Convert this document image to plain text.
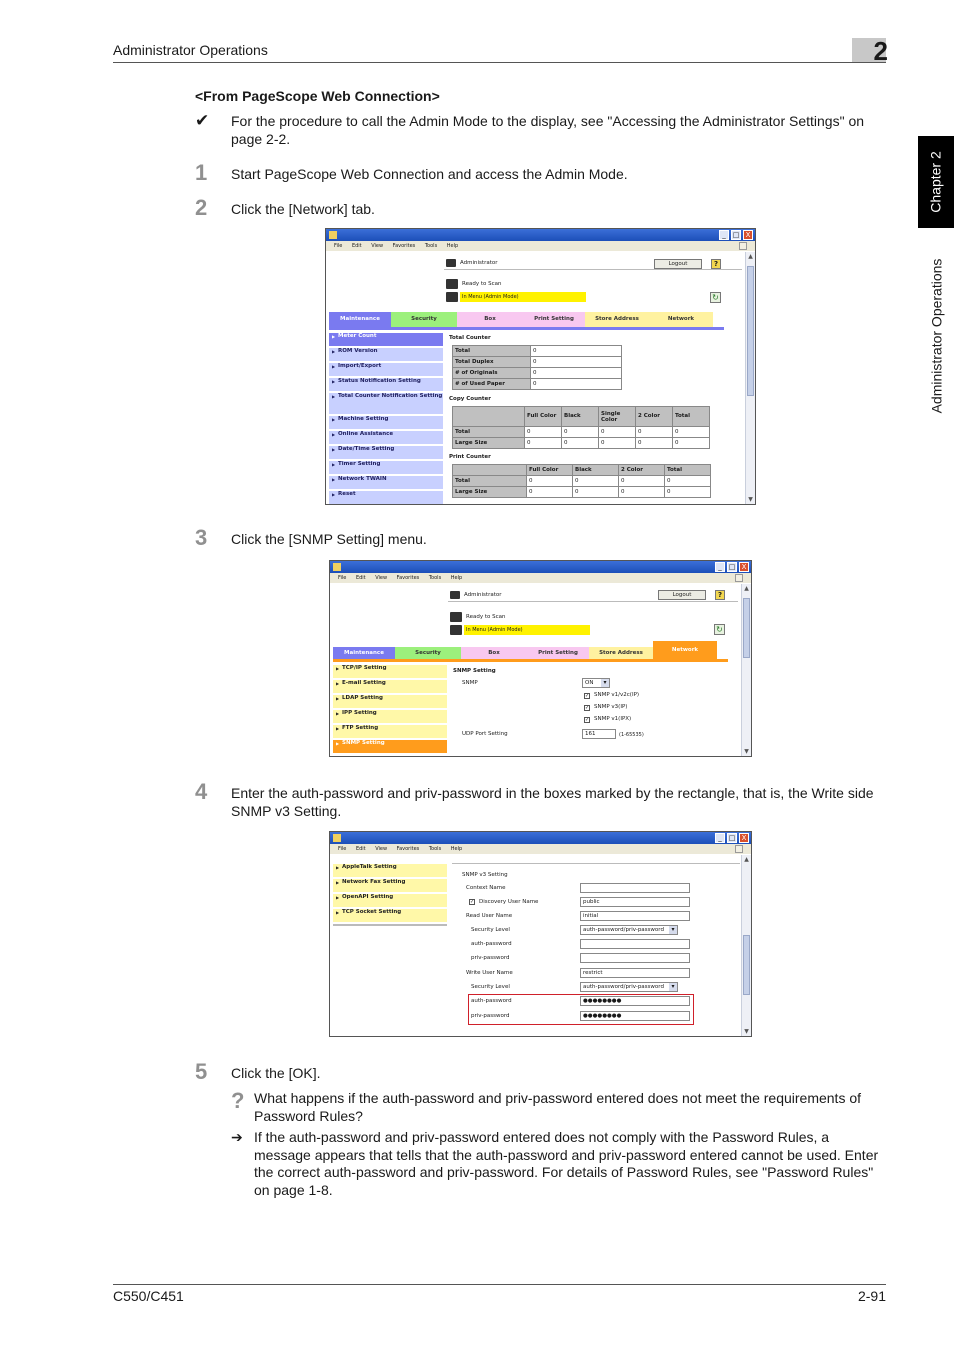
Administrator Operations	2
Chapter 2
Administrator Operations
<From PageScope Web Connection>
✔ For the procedure to call the Admin Mode to the display, see "Accessing the Administrator Settings" on page 2-2.
1 Start PageScope Web Connection and access the Admin Mode.
2 Click the [Network] tab.
_ □ X
File Edit View Favorites Tools Help
Administrator	Logout	?
Ready to Scan
In Menu (Admin Mode)	↻
Maintenance	Security	Box	Print Setting	Store Address	Network
▶ Meter Count
▶ ROM Version
▶ Import/Export
▶ Status Notification Setting
▶ Total Counter Notification Setting
▶ Machine Setting
▶ Online Assistance
▶ Date/Time Setting
▶ Timer Setting
▶ Network TWAIN
▶ Reset
Total Counter
Total	0
Total Duplex	0
# of Originals	0
# of Used Paper	0
Copy Counter
	Full Color	Black	Single Color	2 Color	Total
Total	0	0	0	0	0
Large Size	0	0	0	0	0
Print Counter
	Full Color	Black	2 Color	Total
Total	0	0	0	0
Large Size	0	0	0	0
▲
▼
3 Click the [SNMP Setting] menu.
_ □ X
File Edit View Favorites Tools Help
Administrator	Logout	?
Ready to Scan
In Menu (Admin Mode)	↻
Maintenance	Security	Box	Print Setting	Store Address	Network
▶ TCP/IP Setting
▶ E-mail Setting
▶ LDAP Setting
▶ IPP Setting
▶ FTP Setting
▶ SNMP Setting
SNMP Setting
SNMP	ON ▾
✓ SNMP v1/v2c(IP)
✓ SNMP v3(IP)
✓ SNMP v1(IPX)
UDP Port Setting	161	(1-65535)
▲
▼
4 Enter the auth-password and priv-password in the boxes marked by the rectangle, that is, the Write side SNMP v3 Setting.
_ □ X
File Edit View Favorites Tools Help
▶ AppleTalk Setting
▶ Network Fax Setting
▶ OpenAPI Setting
▶ TCP Socket Setting
SNMP v3 Setting
Context Name
✓ Discovery User Name	public
Read User Name	initial
Security Level	auth-password/priv-password ▾
auth-password
priv-password
Write User Name	restrict
Security Level	auth-password/priv-password ▾
auth-password	●●●●●●●●
priv-password	●●●●●●●●
▲
▼
5 Click the [OK].
? What happens if the auth-password and priv-password entered does not meet the requirements of Password Rules?
➔ If the auth-password and priv-password entered does not comply with the Password Rules, a message appears that tells that the auth-password and priv-password entered cannot be used. Enter the correct auth-password and priv-password. For details of Password Rules, see "Password Rules" on page 1-8.
C550/C451	2-91
